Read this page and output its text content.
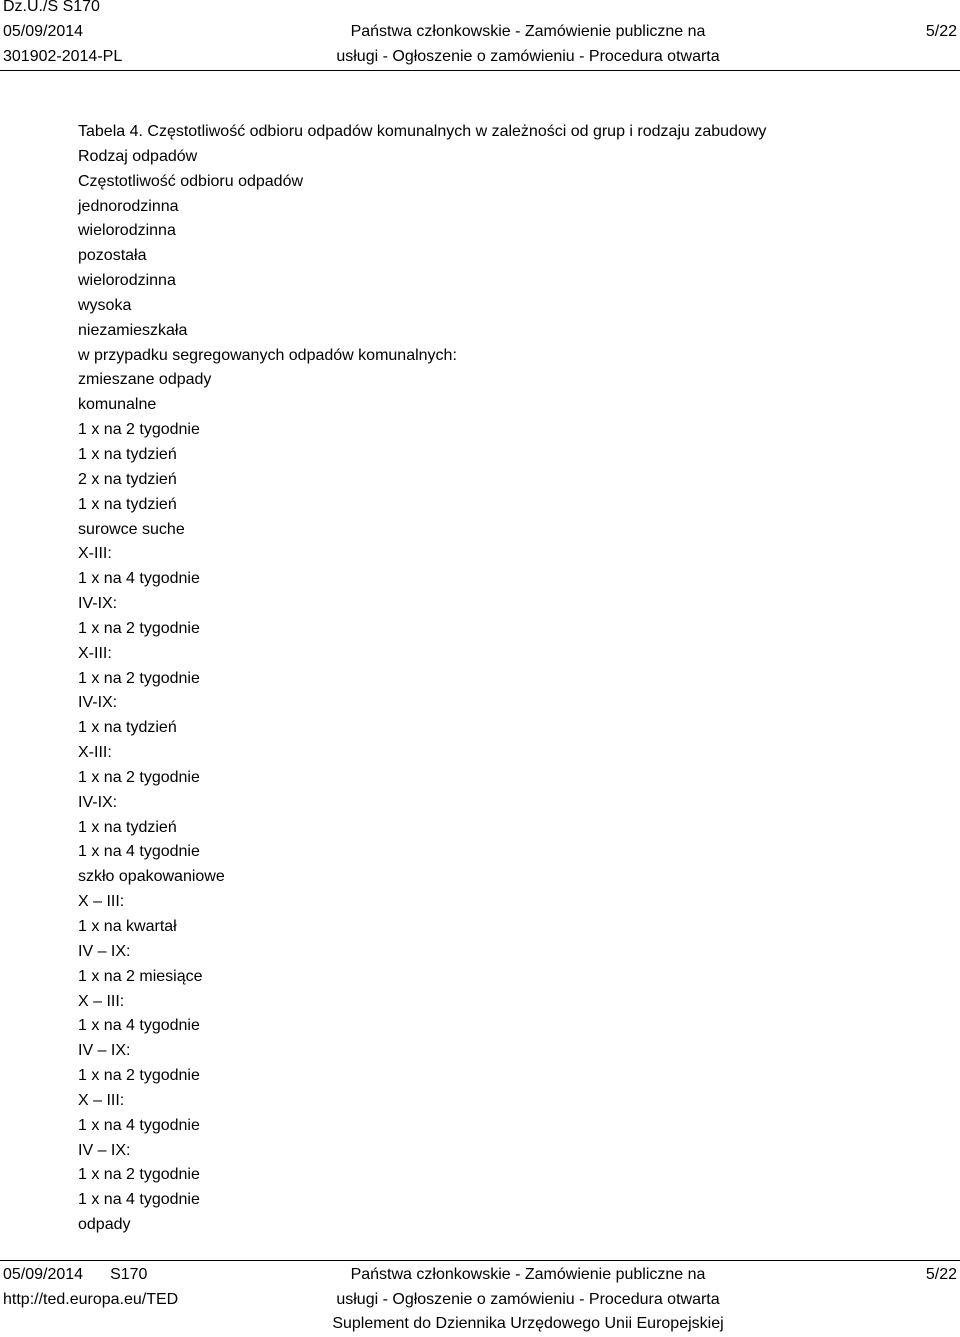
Dz.U./S S170
05/09/2014
301902-2014-PL
Państwa członkowskie - Zamówienie publiczne na
usługi - Ogłoszenie o zamówieniu - Procedura otwarta
5/22
Tabela 4. Częstotliwość odbioru odpadów komunalnych w zależności od grup i rodzaju zabudowy
Rodzaj odpadów
Częstotliwość odbioru odpadów
jednorodzinna
wielorodzinna
pozostała
wielorodzinna
wysoka
niezamieszkała
w przypadku segregowanych odpadów komunalnych:
zmieszane odpady
komunalne
1 x na 2 tygodnie
1 x na tydzień
2 x na tydzień
1 x na tydzień
surowce suche
X-III:
1 x na 4 tygodnie
IV-IX:
1 x na 2 tygodnie
X-III:
1 x na 2 tygodnie
IV-IX:
1 x na tydzień
X-III:
1 x na 2 tygodnie
IV-IX:
1 x na tydzień
1 x na 4 tygodnie
szkło opakowaniowe
X – III:
1 x na kwartał
IV – IX:
1 x na 2 miesiące
X – III:
1 x na 4 tygodnie
IV – IX:
1 x na 2 tygodnie
X – III:
1 x na 4 tygodnie
IV – IX:
1 x na 2 tygodnie
1 x na 4 tygodnie
odpady
05/09/2014 S170
http://ted.europa.eu/TED
Państwa członkowskie - Zamówienie publiczne na
usługi - Ogłoszenie o zamówieniu - Procedura otwarta
Suplement do Dziennika Urzędowego Unii Europejskiej
5/22
